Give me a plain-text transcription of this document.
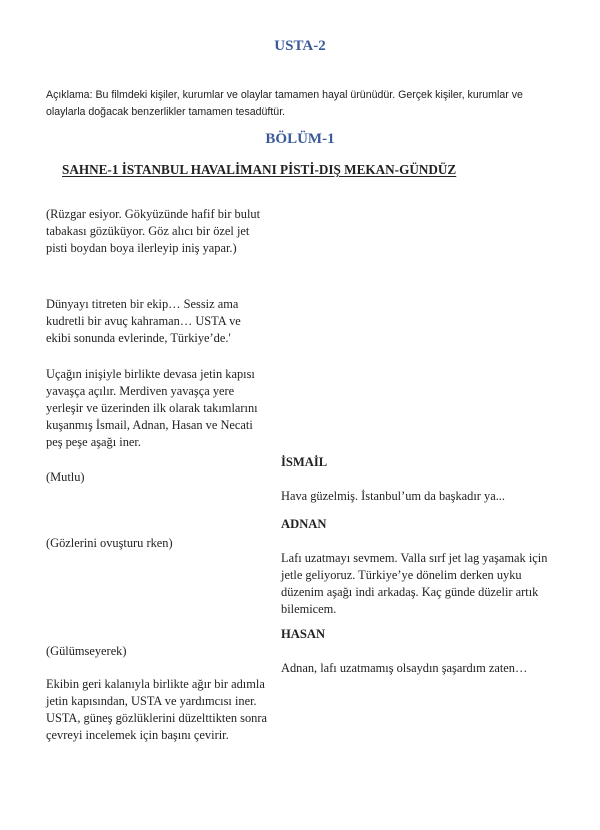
USTA-2
Açıklama: Bu filmdeki kişiler, kurumlar ve olaylar tamamen hayal ürünüdür. Gerçek kişiler, kurumlar ve olaylarla doğacak benzerlikler tamamen tesadüftür.
BÖLÜM-1
SAHNE-1 İSTANBUL HAVALİMANI PİSTİ-DIŞ MEKAN-GÜNDÜZ

(Rüzgar esiyor. Gökyüzünde hafif bir bulut tabakası gözüküyor. Göz alıcı bir özel jet pisti boydan boya ilerleyip iniş yapar.)

Dünyayı titreten bir ekip… Sessiz ama kudretli bir avuç kahraman… USTA ve ekibi sonunda evlerinde, Türkiye’de.'

Uçağın inişiyle birlikte devasa jetin kapısı yavaşça açılır. Merdiven yavaşça yere yerleşir ve üzerinden ilk olarak takımlarını kuşanmış İsmail, Adnan, Hasan ve Necati peş peşe aşağı iner.

(Mutlu)

(Gözlerini ovuşturu rken)

(Gülümseyerek)

Ekibin geri kalanıyla birlikte ağır bir adımla jetin kapısından, USTA ve yardımcısı iner. USTA, güneş gözlüklerini düzelttikten sonra çevreyi incelemek için başını çevirir.

İSMAİL

Hava güzelmiş. İstanbul’um da başkadır ya...

ADNAN

Lafı uzatmayı sevmem. Valla sırf jet lag yaşamak için jetle geliyoruz. Türkiye’ye dönelim derken uyku düzenim aşağı indi arkadaş. Kaç günde düzelir artık bilemicem.

HASAN

Adnan, lafı uzatmamış olsaydın şaşardım zaten…
